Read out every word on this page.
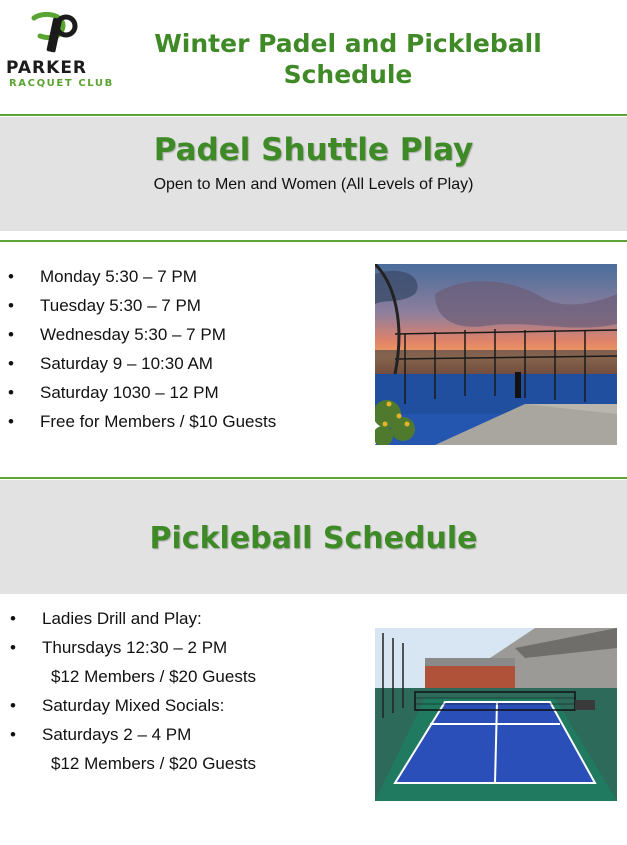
PARKER
RACQUET CLUB
Winter Padel and Pickleball
Schedule
Padel Shuttle Play
Open to Men and Women (All Levels of Play)
• Monday 5:30 – 7 PM
• Tuesday 5:30 – 7 PM
• Wednesday 5:30 – 7 PM
• Saturday 9 – 10:30 AM
• Saturday 1030 – 12 PM
• Free for Members / $10 Guests
Pickleball Schedule
• Ladies Drill and Play:
• Thursdays 12:30 – 2 PM
$12 Members / $20 Guests
• Saturday Mixed Socials:
• Saturdays 2 – 4 PM
$12 Members / $20 Guests
